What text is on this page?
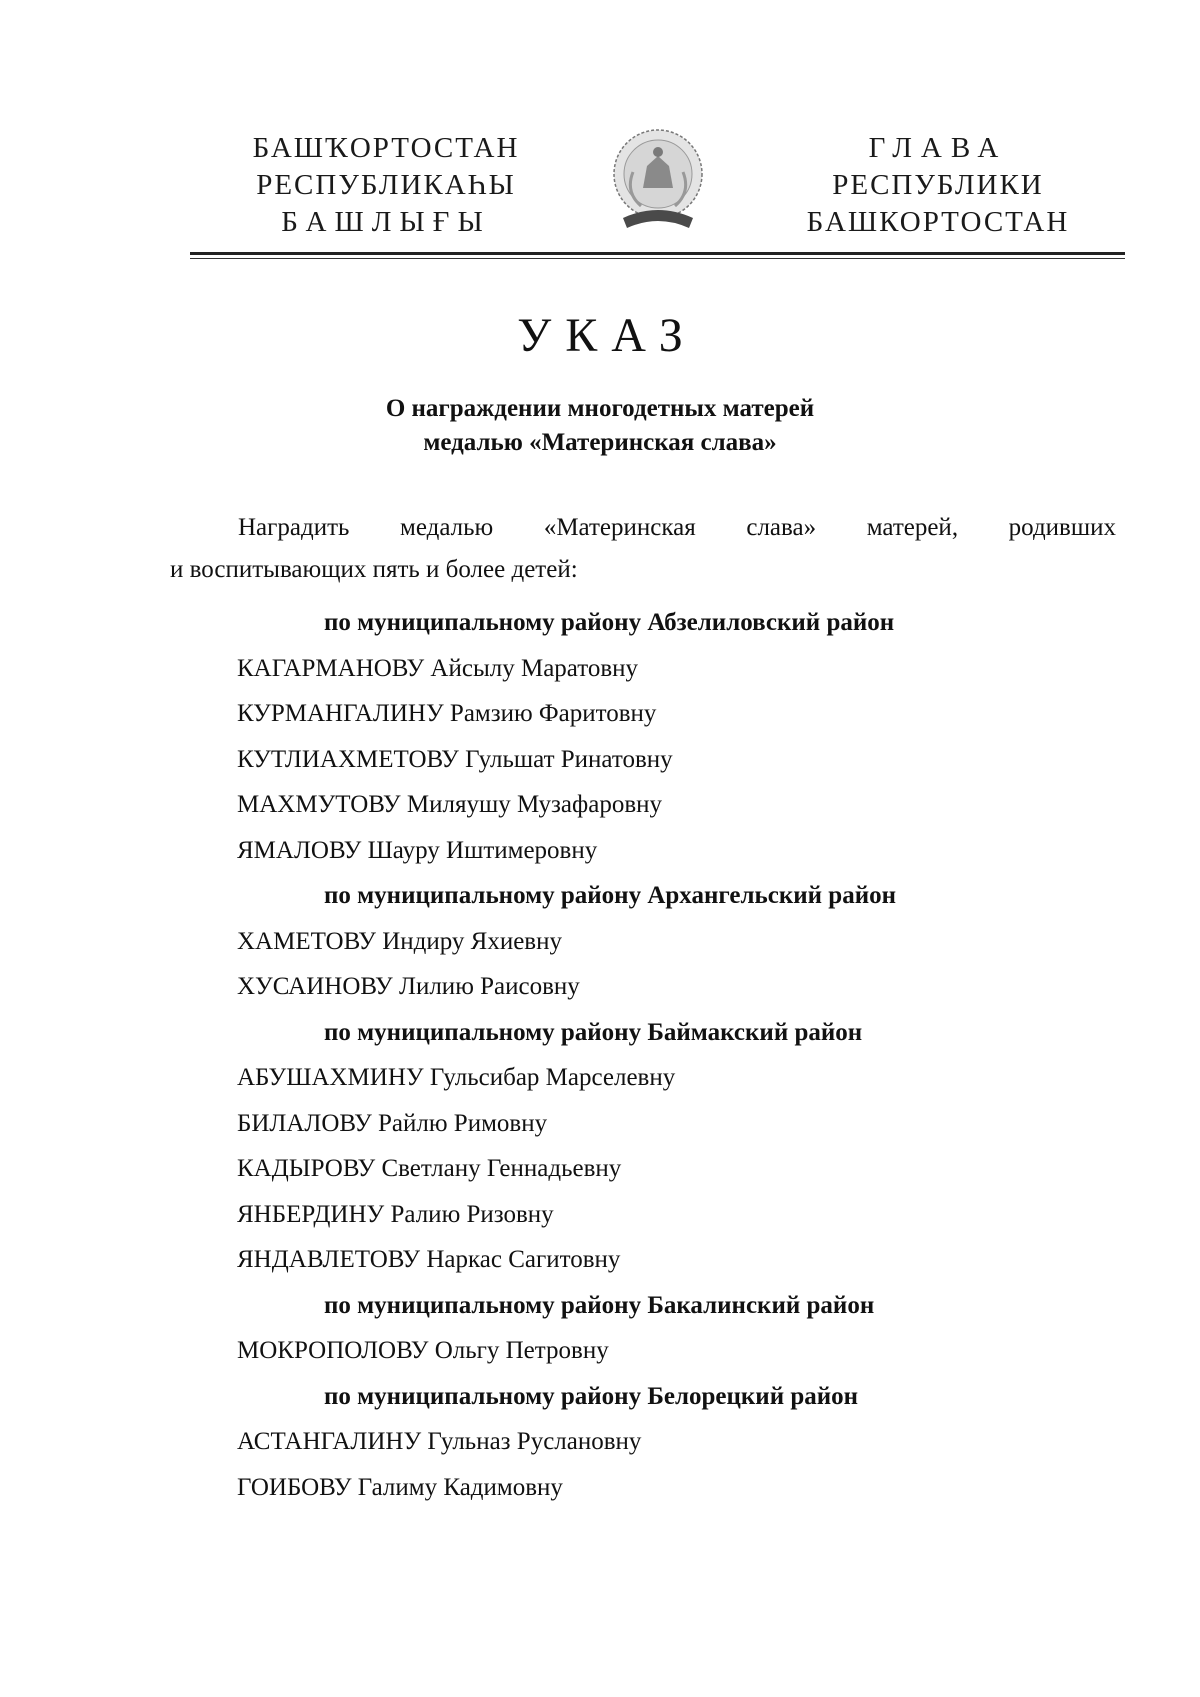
БАШҠОРТОСТАН
РЕСПУБЛИКАҺЫ
БАШЛЫҒЫ
ГЛАВА
РЕСПУБЛИКИ
БАШКОРТОСТАН
УКАЗ
О награждении многодетных матерей
медалью «Материнская слава»
Наградить медалью «Материнская слава» матерей, родивших
и воспитывающих пять и более детей:
по муниципальному району Абзелиловский район
КАГАРМАНОВУ Айсылу Маратовну
КУРМАНГАЛИНУ Рамзию Фаритовну
КУТЛИАХМЕТОВУ Гульшат Ринатовну
МАХМУТОВУ Миляушу Музафаровну
ЯМАЛОВУ Шауру Иштимеровну
по муниципальному району Архангельский район
ХАМЕТОВУ Индиру Яхиевну
ХУСАИНОВУ Лилию Раисовну
по муниципальному району Баймакский район
АБУШАХМИНУ Гульсибар Марселевну
БИЛАЛОВУ Райлю Римовну
КАДЫРОВУ Светлану Геннадьевну
ЯНБЕРДИНУ Ралию Ризовну
ЯНДАВЛЕТОВУ Наркас Сагитовну
по муниципальному району Бакалинский район
МОКРОПОЛОВУ Ольгу Петровну
по муниципальному району Белорецкий район
АСТАНГАЛИНУ Гульназ Руслановну
ГОИБОВУ Галиму Кадимовну
